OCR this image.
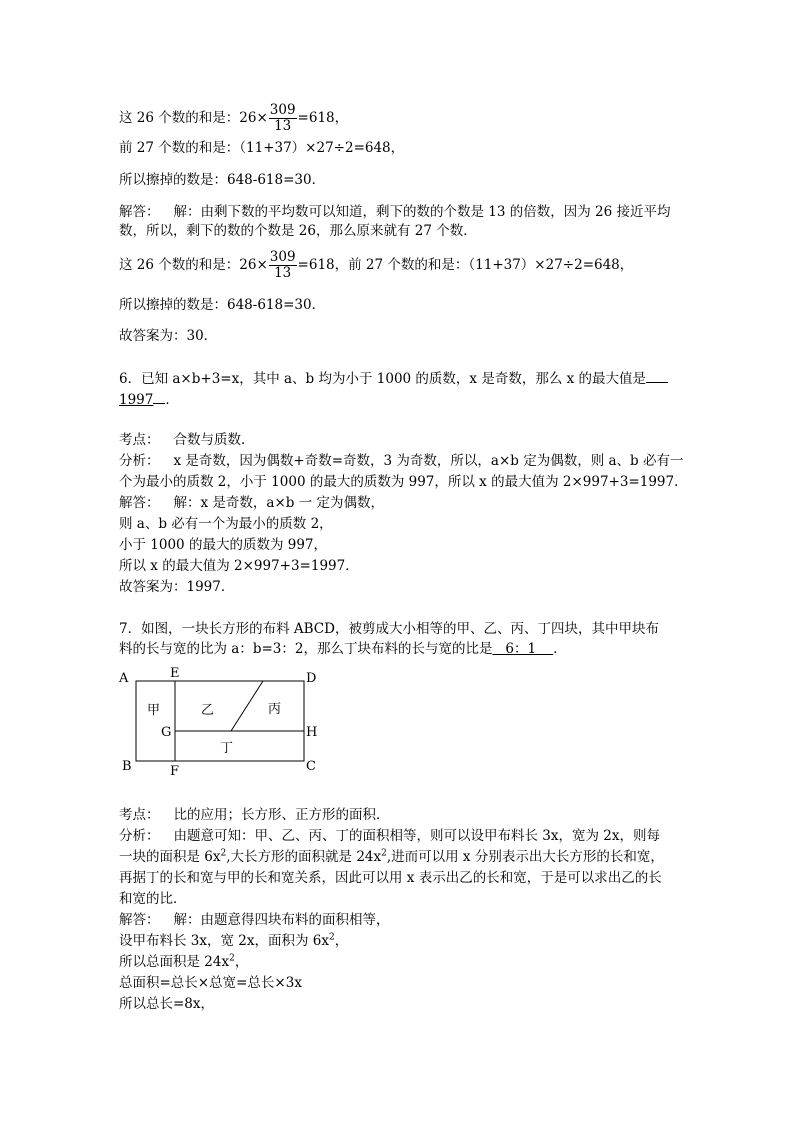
这 26 个数的和是：$26\times \frac{309}{13} =618$，
前 27 个数的和是：（11+37）×27÷2=648，
所以擦掉的数是：648-618=30．
解答： 解：由剩下数的平均数可以知道，剩下的数的个数是 13 的倍数，因为 26 接近平均
数，所以，剩下的数的个数是 26，那么原来就有 27 个数．
这 26 个数的和是：$26\times \frac{309}{13} =618$，前 27 个数的和是：（11+37）×27÷2=648，
所以擦掉的数是：648-618=30．
故答案为：30．
6．已知 a×b+3=x，其中 a、b 均为小于 1000 的质数，x 是奇数，那么 x 的最大值是
1997 ．
考点： 合数与质数．
分析： x 是奇数，因为偶数+奇数=奇数，3 为奇数，所以，a×b 定为偶数，则 a、b 必有一
个为最小的质数 2，小于 1000 的最大的质数为 997，所以 x 的最大值为 2×997+3=1997．
解答： 解：x 是奇数，a×b 一 定为偶数，
则 a、b 必有一个为最小的质数 2，
小于 1000 的最大的质数为 997，
所以 x 的最大值为 2×997+3=1997．
故答案为：1997．
7．如图，一块长方形的布料 ABCD，被剪成大小相等的甲、乙、丙、丁四块，其中甲块布
料的长与宽的比为 a：b=3：2，那么丁块布料的长与宽的比是 6：1 ．
A
B	C
D
E
F
G	H
甲	乙	丙
丁
考点： 比的应用；长方形、正方形的面积．
分析： 由题意可知：甲、乙、丙、丁的面积相等，则可以设甲布料长 3x，宽为 2x，则每
一块的面积是 $6x^2$,大长方形的面积就是 $24x^2$,进而可以用 x 分别表示出大长方形的长和宽，
再据丁的长和宽与甲的长和宽关系，因此可以用 x 表示出乙的长和宽，于是可以求出乙的长
和宽的比．
解答： 解：由题意得四块布料的面积相等，
设甲布料长 3x，宽 2x，面积为 $6x^2$，
所以总面积是 $24x^2$，
总面积=总长×总宽=总长×3x
所以总长=8x，
